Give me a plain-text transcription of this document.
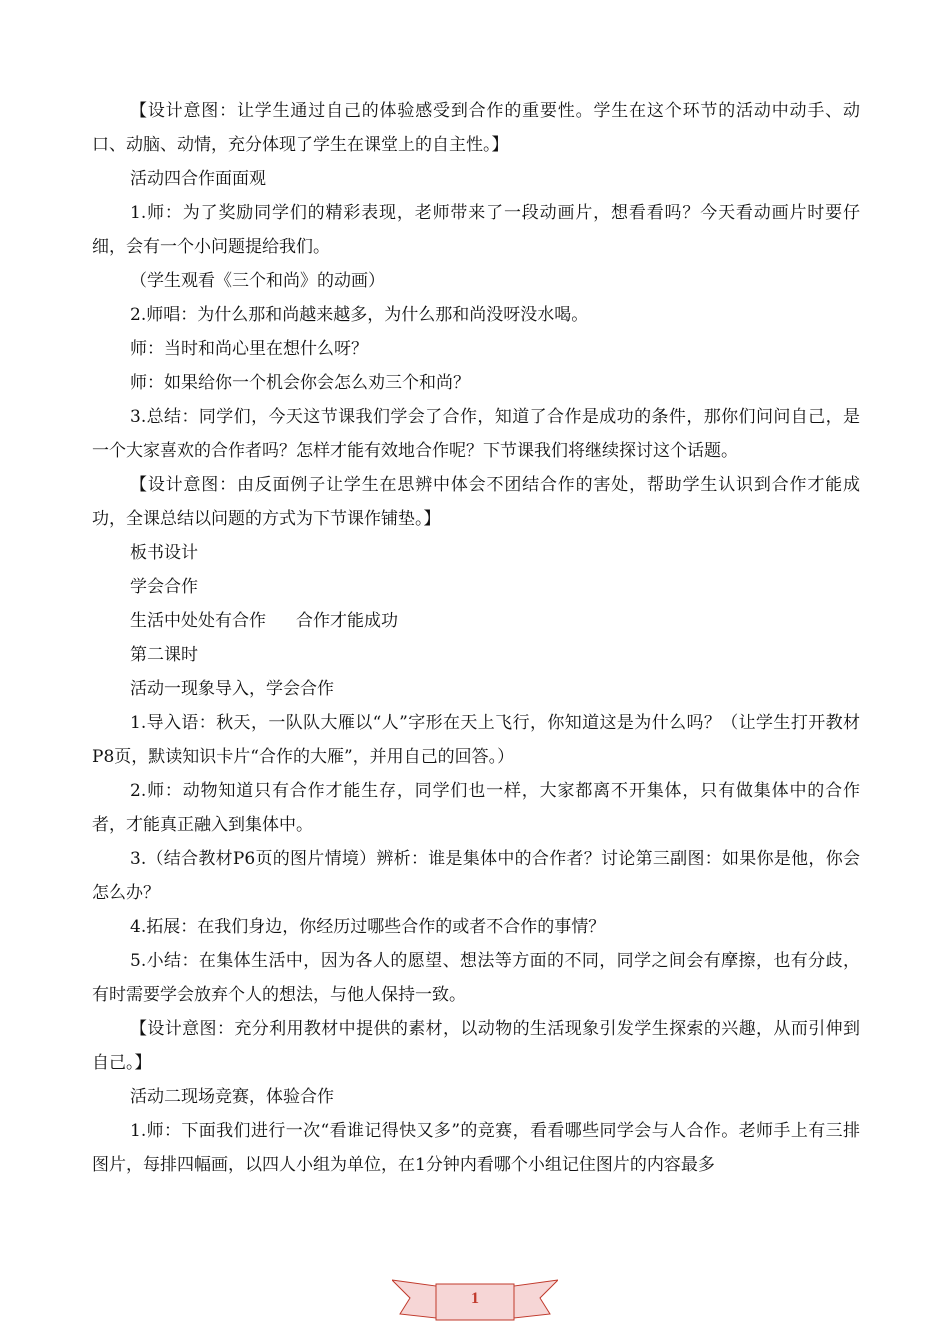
【设计意图：让学生通过自己的体验感受到合作的重要性。学生在这个环节的活动中动手、动口、动脑、动情，充分体现了学生在课堂上的自主性。】

活动四合作面面观

1.师：为了奖励同学们的精彩表现，老师带来了一段动画片，想看看吗？今天看动画片时要仔细，会有一个小问题提给我们。

（学生观看《三个和尚》的动画）

2.师唱：为什么那和尚越来越多，为什么那和尚没呀没水喝。

师：当时和尚心里在想什么呀？

师：如果给你一个机会你会怎么劝三个和尚？

3.总结：同学们，今天这节课我们学会了合作，知道了合作是成功的条件，那你们问问自己，是一个大家喜欢的合作者吗？怎样才能有效地合作呢？下节课我们将继续探讨这个话题。

【设计意图：由反面例子让学生在思辨中体会不团结合作的害处，帮助学生认识到合作才能成功，全课总结以问题的方式为下节课作铺垫。】

板书设计

学会合作

生活中处处有合作 合作才能成功

第二课时

活动一现象导入，学会合作

1.导入语：秋天，一队队大雁以“人”字形在天上飞行，你知道这是为什么吗？（让学生打开教材P8页，默读知识卡片“合作的大雁”，并用自己的回答。）

2.师：动物知道只有合作才能生存，同学们也一样，大家都离不开集体，只有做集体中的合作者，才能真正融入到集体中。

3.（结合教材P6页的图片情境）辨析：谁是集体中的合作者？讨论第三副图：如果你是他，你会怎么办？

4.拓展：在我们身边，你经历过哪些合作的或者不合作的事情？

5.小结：在集体生活中，因为各人的愿望、想法等方面的不同，同学之间会有摩擦，也有分歧，有时需要学会放弃个人的想法，与他人保持一致。

【设计意图：充分利用教材中提供的素材，以动物的生活现象引发学生探索的兴趣，从而引伸到自己。】

活动二现场竞赛，体验合作

1.师：下面我们进行一次“看谁记得快又多”的竞赛，看看哪些同学会与人合作。老师手上有三排图片，每排四幅画，以四人小组为单位，在1分钟内看哪个小组记住图片的内容最多

1
